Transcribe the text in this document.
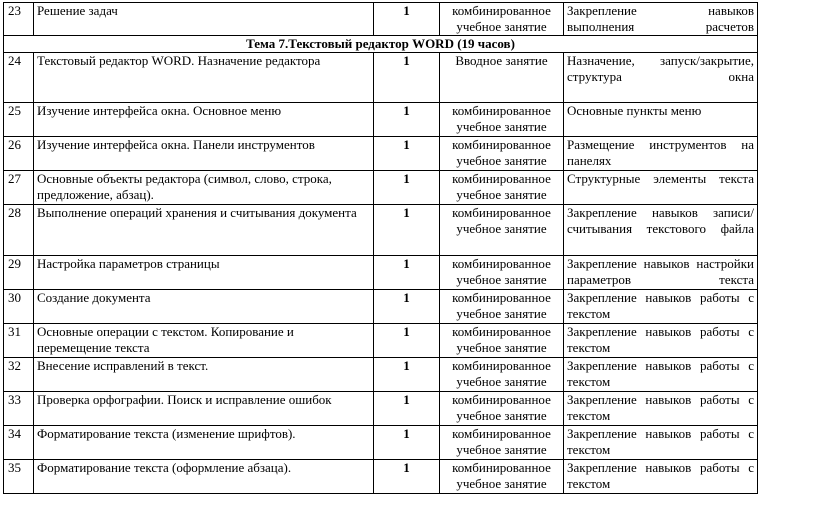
23	Решение задач	1	комбинированное учебное занятие	Закрепление навыков выполнения расчетов
Тема 7.Текстовый редактор WORD (19 часов)				
24	Текстовый редактор WORD. Назначение редактора	1	Вводное занятие	Назначение, запуск/закрытие, структура окна
25	Изучение интерфейса окна. Основное меню	1	комбинированное учебное занятие	Основные пункты меню
26	Изучение интерфейса окна. Панели инструментов	1	комбинированное учебное занятие	Размещение инструментов на панелях
27	Основные объекты редактора (символ, слово, строка, предложение, абзац).	1	комбинированное учебное занятие	Структурные элементы текста
28	Выполнение операций хранения и считывания документа	1	комбинированное учебное занятие	Закрепление навыков записи/считывания текстового файла
29	Настройка параметров страницы	1	комбинированное учебное занятие	Закрепление навыков настройки параметров текста
30	Создание документа	1	комбинированное учебное занятие	Закрепление навыков работы с текстом
31	Основные операции с текстом. Копирование и перемещение текста	1	комбинированное учебное занятие	Закрепление навыков работы с текстом
32	Внесение исправлений в текст.	1	комбинированное учебное занятие	Закрепление навыков работы с текстом
33	Проверка орфографии. Поиск и исправление ошибок	1	комбинированное учебное занятие	Закрепление навыков работы с текстом
34	Форматирование текста (изменение шрифтов).	1	комбинированное учебное занятие	Закрепление навыков работы с текстом
35	Форматирование текста (оформление абзаца).	1	комбинированное учебное занятие	Закрепление навыков работы с текстом
